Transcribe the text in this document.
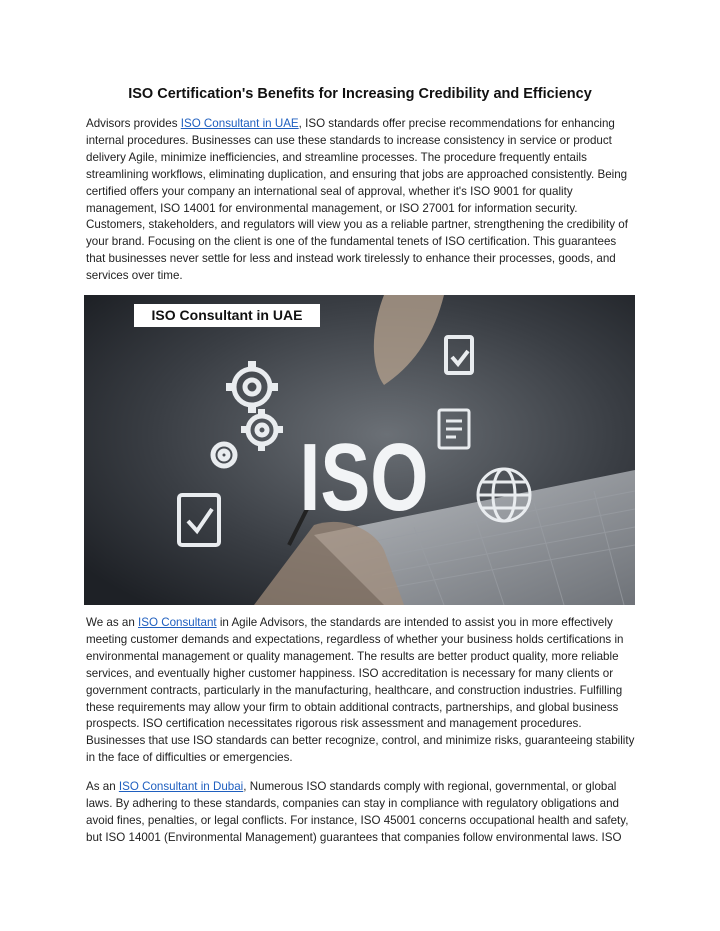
ISO Certification's Benefits for Increasing Credibility and Efficiency

Advisors provides ISO Consultant in UAE, ISO standards offer precise recommendations for enhancing internal procedures. Businesses can use these standards to increase consistency in service or product delivery Agile, minimize inefficiencies, and streamline processes. The procedure frequently entails streamlining workflows, eliminating duplication, and ensuring that jobs are approached consistently. Being certified offers your company an international seal of approval, whether it's ISO 9001 for quality management, ISO 14001 for environmental management, or ISO 27001 for information security. Customers, stakeholders, and regulators will view you as a reliable partner, strengthening the credibility of your brand. Focusing on the client is one of the fundamental tenets of ISO certification. This guarantees that businesses never settle for less and instead work tirelessly to enhance their processes, goods, and services over time.

ISO
ISO Consultant in UAE

We as an ISO Consultant in Agile Advisors, the standards are intended to assist you in more effectively meeting customer demands and expectations, regardless of whether your business holds certifications in environmental management or quality management. The results are better product quality, more reliable services, and eventually higher customer happiness. ISO accreditation is necessary for many clients or government contracts, particularly in the manufacturing, healthcare, and construction industries. Fulfilling these requirements may allow your firm to obtain additional contracts, partnerships, and global business prospects. ISO certification necessitates rigorous risk assessment and management procedures. Businesses that use ISO standards can better recognize, control, and minimize risks, guaranteeing stability in the face of difficulties or emergencies.

As an ISO Consultant in Dubai, Numerous ISO standards comply with regional, governmental, or global laws. By adhering to these standards, companies can stay in compliance with regulatory obligations and avoid fines, penalties, or legal conflicts. For instance, ISO 45001 concerns occupational health and safety, but ISO 14001 (Environmental Management) guarantees that companies follow environmental laws. ISO
